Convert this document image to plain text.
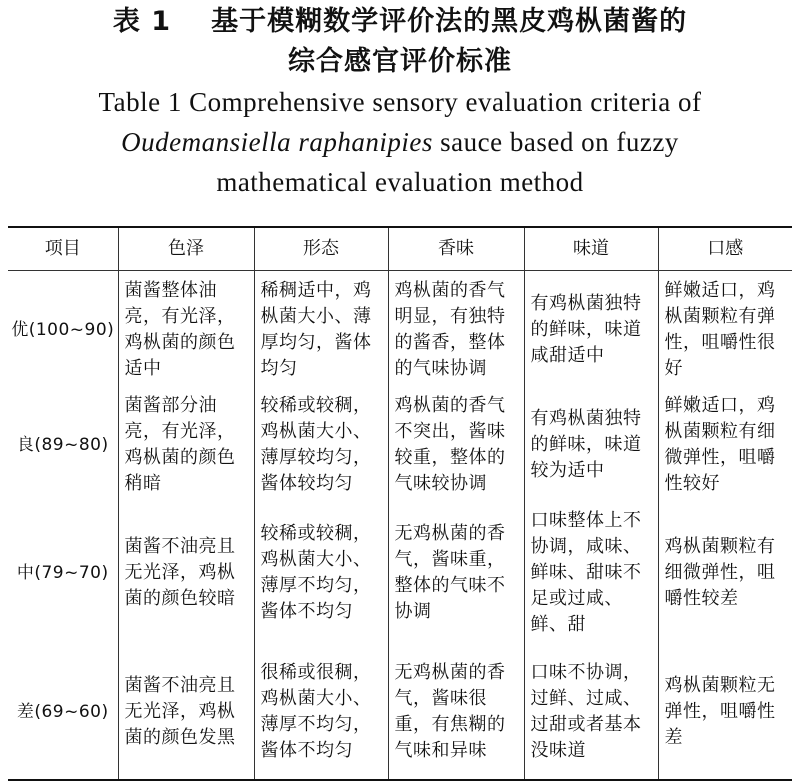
表 1 基于模糊数学评价法的黑皮鸡枞菌酱的
综合感官评价标准
Table 1 Comprehensive sensory evaluation criteria of
Oudemansiella raphanipies sauce based on fuzzy
mathematical evaluation method
项目	色泽	形态	香味	味道	口感
优(100~90)	菌酱整体油亮，有光泽，鸡枞菌的颜色适中	稀稠适中，鸡枞菌大小、薄厚均匀，酱体均匀	鸡枞菌的香气明显，有独特的酱香，整体的气味协调	有鸡枞菌独特的鲜味，味道咸甜适中	鲜嫩适口，鸡枞菌颗粒有弹性，咀嚼性很好
良(89~80)	菌酱部分油亮，有光泽，鸡枞菌的颜色稍暗	较稀或较稠，鸡枞菌大小、薄厚较均匀，酱体较均匀	鸡枞菌的香气不突出，酱味较重，整体的气味较协调	有鸡枞菌独特的鲜味，味道较为适中	鲜嫩适口，鸡枞菌颗粒有细微弹性，咀嚼性较好
中(79~70)	菌酱不油亮且无光泽，鸡枞菌的颜色较暗	较稀或较稠，鸡枞菌大小、薄厚不均匀，酱体不均匀	无鸡枞菌的香气，酱味重，整体的气味不协调	口味整体上不协调，咸味、鲜味、甜味不足或过咸、鲜、甜	鸡枞菌颗粒有细微弹性，咀嚼性较差
差(69~60)	菌酱不油亮且无光泽，鸡枞菌的颜色发黑	很稀或很稠，鸡枞菌大小、薄厚不均匀，酱体不均匀	无鸡枞菌的香气，酱味很重，有焦糊的气味和异味	口味不协调，过鲜、过咸、过甜或者基本没味道	鸡枞菌颗粒无弹性，咀嚼性差
